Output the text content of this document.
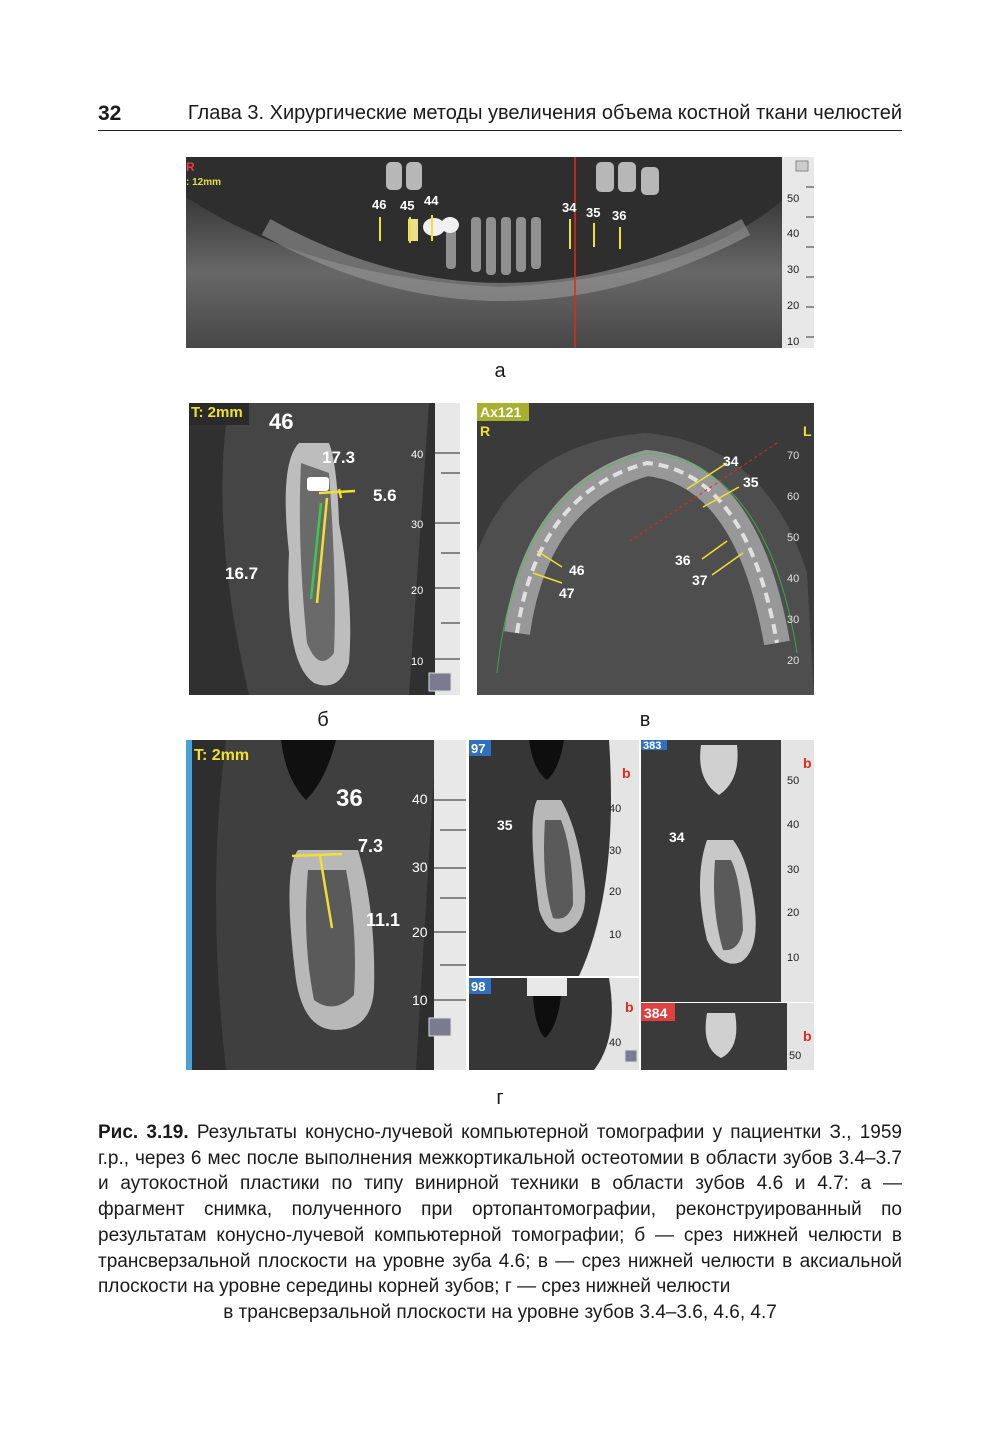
32	Глава 3. Хирургические методы увеличения объема костной ткани челюстей
R
: 12mm
46 45 44	34 35 36
50
40
30
20
10
а
T: 2mm 46
17.3
5.6
16.7
40
30
20
10
б
Ax121
R	L
34
35
46
47
36
37
70
60
50
40
30
20
в
T: 2mm
36
7.3
11.1
40
30
20
10
97
b
35
40
30
20
10
383
b
34
50
40
30
20
10
98
b
40
384
b
50
г
Рис. 3.19. Результаты конусно-лучевой компьютерной томографии у пациентки З., 1959 г.р., через 6 мес после выполнения межкортикальной остеотомии в области зубов 3.4–3.7 и аутокостной пластики по типу винирной техники в области зубов 4.6 и 4.7: а — фрагмент снимка, полученного при ортопантомографии, реконструированный по результатам конусно-лучевой компьютерной томографии; б — срез нижней челюсти в трансверзальной плоскости на уровне зуба 4.6; в — срез нижней челюсти в аксиальной плоскости на уровне середины корней зубов; г — срез нижней челюсти
в трансверзальной плоскости на уровне зубов 3.4–3.6, 4.6, 4.7
